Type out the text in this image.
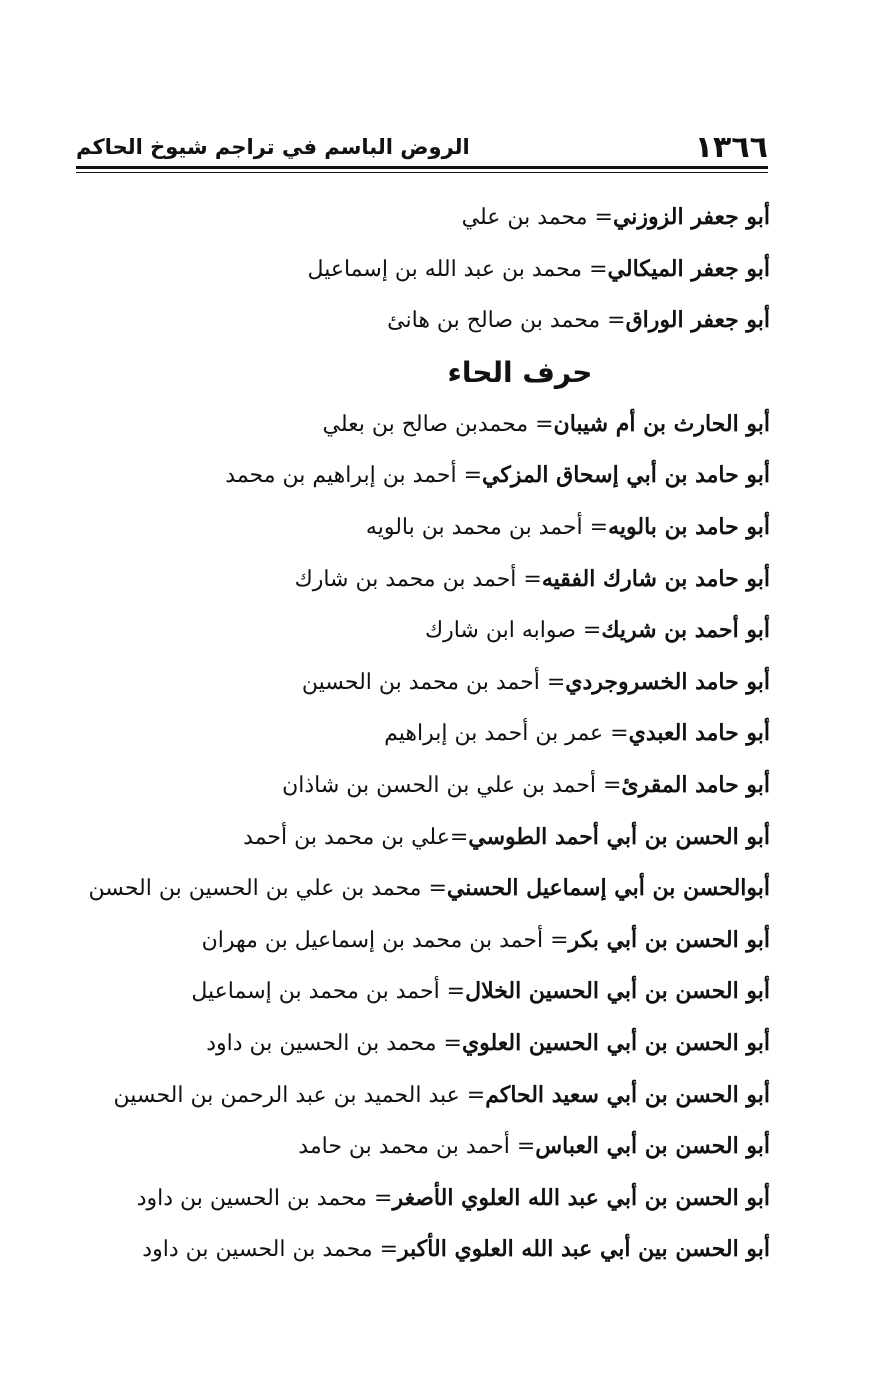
١٣٦٦
الروض الباسم في تراجم شيوخ الحاكم
أبو جعفر الزوزني= محمد بن علي
أبو جعفر الميكالي= محمد بن عبد الله بن إسماعيل
أبو جعفر الوراق= محمد بن صالح بن هانئ
حرف الحاء
أبو الحارث بن أم شيبان= محمدبن صالح بن بعلي
أبو حامد بن أبي إسحاق المزكي= أحمد بن إبراهيم بن محمد
أبو حامد بن بالويه= أحمد بن محمد بن بالويه
أبو حامد بن شارك الفقيه= أحمد بن محمد بن شارك
أبو أحمد بن شريك= صوابه ابن شارك
أبو حامد الخسروجردي= أحمد بن محمد بن الحسين
أبو حامد العبدي= عمر بن أحمد بن إبراهيم
أبو حامد المقرئ= أحمد بن علي بن الحسن بن شاذان
أبو الحسن بن أبي أحمد الطوسي=علي بن محمد بن أحمد
أبوالحسن بن أبي إسماعيل الحسني= محمد بن علي بن الحسين بن الحسن
أبو الحسن بن أبي بكر= أحمد بن محمد بن إسماعيل بن مهران
أبو الحسن بن أبي الحسين الخلال= أحمد بن محمد بن إسماعيل
أبو الحسن بن أبي الحسين العلوي= محمد بن الحسين بن داود
أبو الحسن بن أبي سعيد الحاكم= عبد الحميد بن عبد الرحمن بن الحسين
أبو الحسن بن أبي العباس= أحمد بن محمد بن حامد
أبو الحسن بن أبي عبد الله العلوي الأصغر= محمد بن الحسين بن داود
أبو الحسن بين أبي عبد الله العلوي الأكبر= محمد بن الحسين بن داود
